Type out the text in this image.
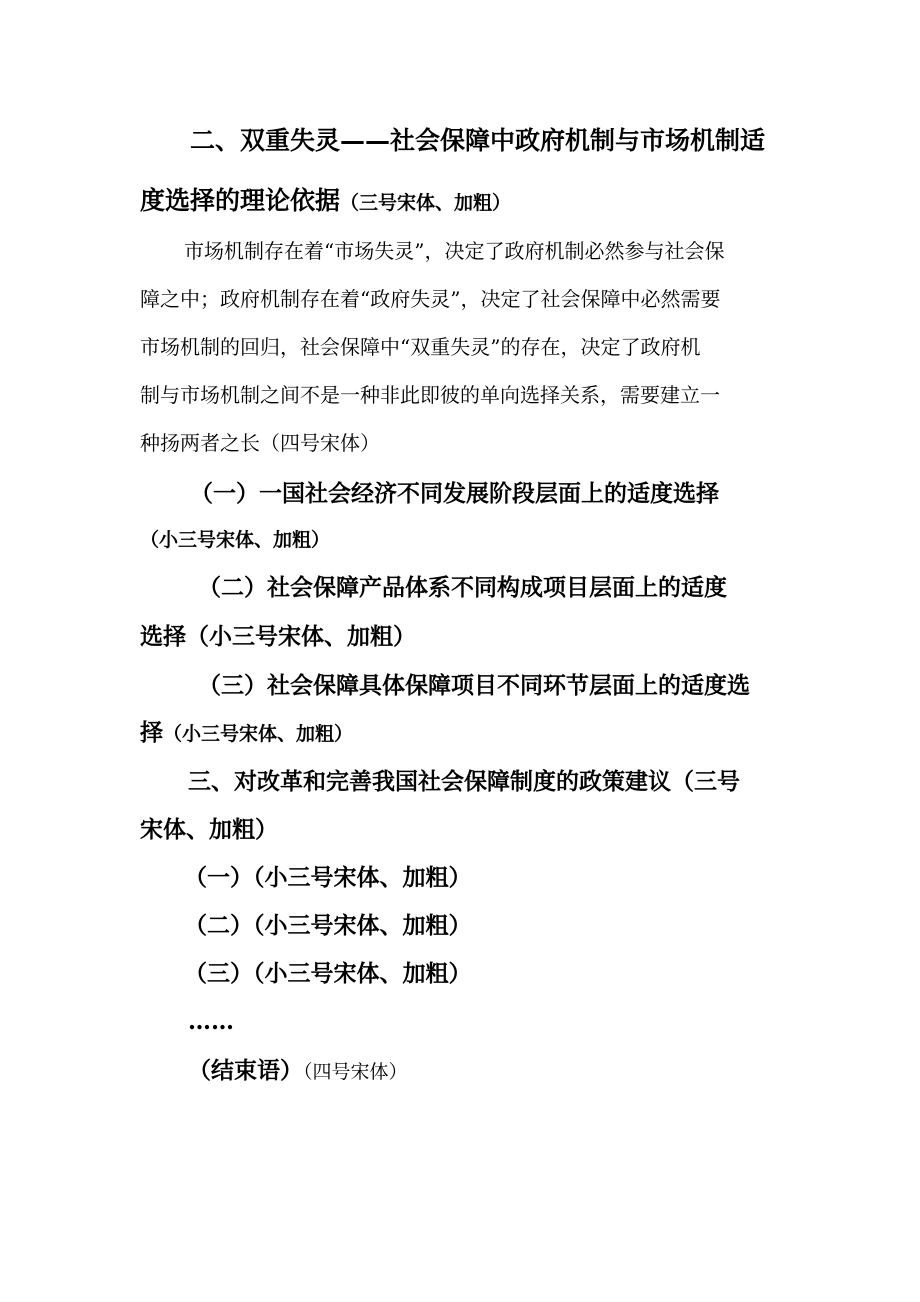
二、双重失灵——社会保障中政府机制与市场机制适
度选择的理论依据（三号宋体、加粗）
市场机制存在着“市场失灵”，决定了政府机制必然参与社会保
障之中；政府机制存在着“政府失灵”，决定了社会保障中必然需要
市场机制的回归，社会保障中“双重失灵”的存在，决定了政府机
制与市场机制之间不是一种非此即彼的单向选择关系，需要建立一
种扬两者之长（四号宋体）
（一）一国社会经济不同发展阶段层面上的适度选择
（小三号宋体、加粗）
（二）社会保障产品体系不同构成项目层面上的适度
选择（小三号宋体、加粗）
（三）社会保障具体保障项目不同环节层面上的适度选
择（小三号宋体、加粗）
三、对改革和完善我国社会保障制度的政策建议（三号
宋体、加粗）
（一）（小三号宋体、加粗）
（二）（小三号宋体、加粗）
（三）（小三号宋体、加粗）
……
（结束语）（四号宋体）
